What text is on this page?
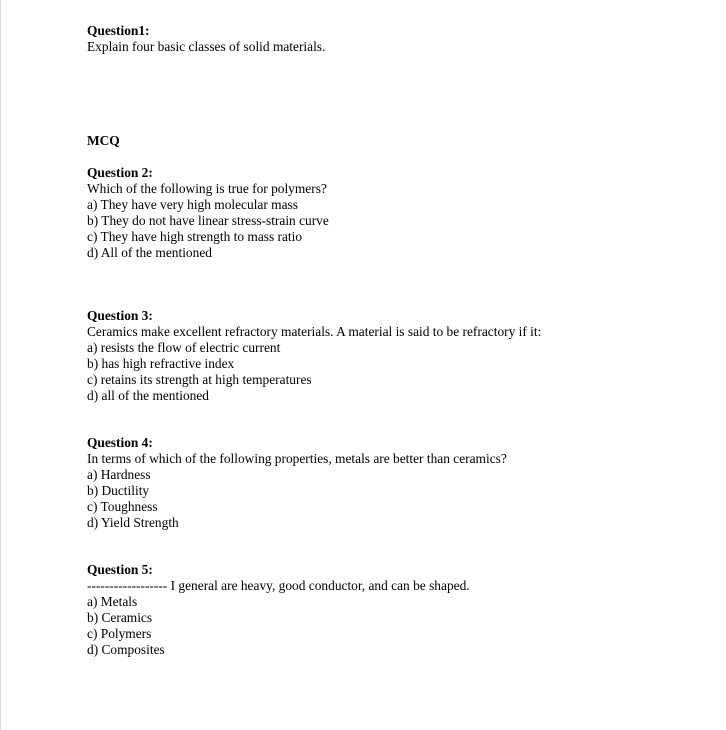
Question1:
Explain four basic classes of solid materials.
MCQ
Question 2:
Which of the following is true for polymers?
a) They have very high molecular mass
b) They do not have linear stress-strain curve
c) They have high strength to mass ratio
d) All of the mentioned
Question 3:
Ceramics make excellent refractory materials. A material is said to be refractory if it:
a) resists the flow of electric current
b) has high refractive index
c) retains its strength at high temperatures
d) all of the mentioned
Question 4:
In terms of which of the following properties, metals are better than ceramics?
a) Hardness
b) Ductility
c) Toughness
d) Yield Strength
Question 5:
------------------ I general are heavy, good conductor, and can be shaped.
a) Metals
b) Ceramics
c) Polymers
d) Composites
